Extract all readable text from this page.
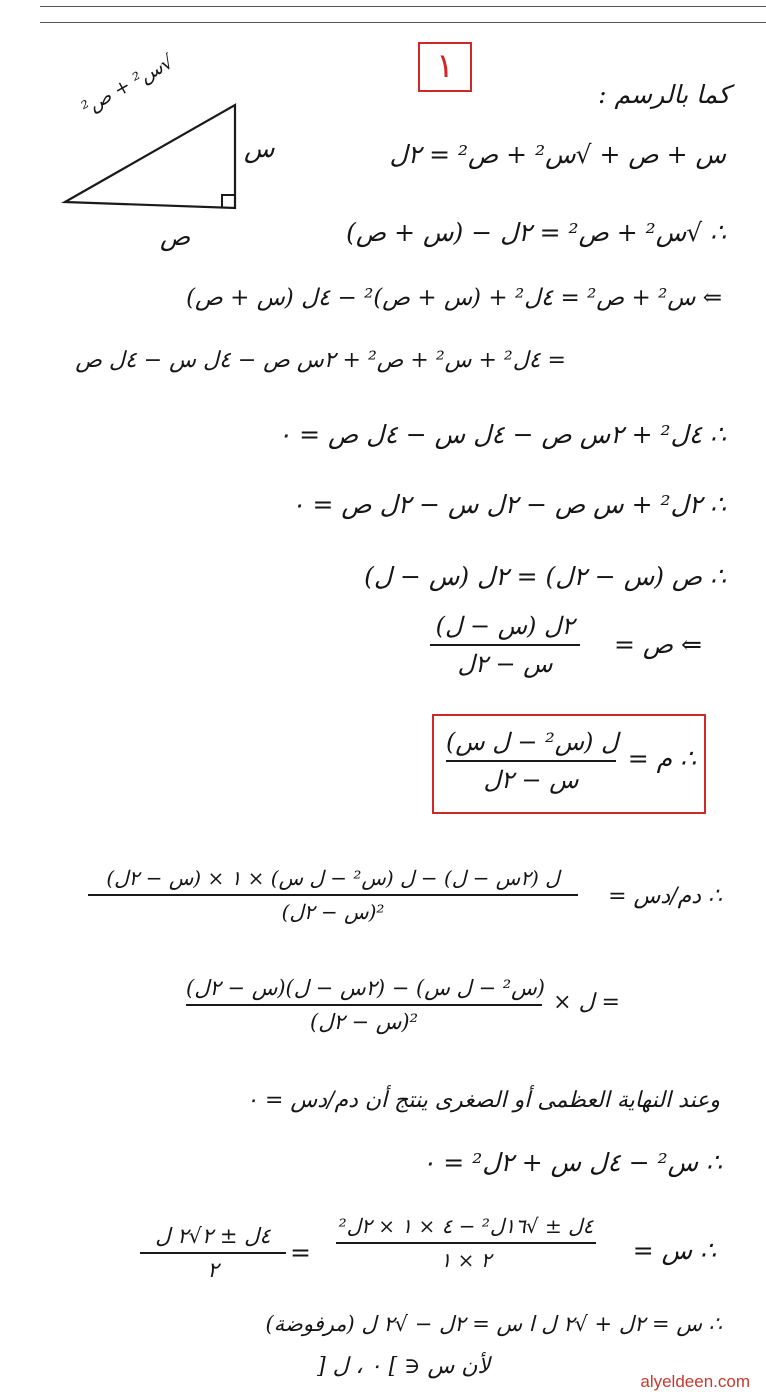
١
√س² + ص²
س
ص
كما بالرسم :
س + ص + √س² + ص² = ٢ل
∴ √س² + ص² = ٢ل − (س + ص)
⇐ س² + ص² = ٤ل² + (س + ص)² − ٤ل (س + ص)
= ٤ل² + س² + ص² + ٢س ص − ٤ل س − ٤ل ص
∴ ٤ل² + ٢س ص − ٤ل س − ٤ل ص = ٠
∴ ٢ل² + س ص − ٢ل س − ٢ل ص = ٠
∴ ص (س − ٢ل) = ٢ل (س − ل)
⇐ ص =
٢ل (س − ل)
س − ٢ل
∴ م =
ل (س² − ل س)
س − ٢ل
∴ دم/دس =
(س − ٢ل) × ل (٢س − ل) − ل (س² − ل س) × ١
(س − ٢ل)²
= ل ×
(س − ٢ل)(٢س − ل) − (س² − ل س)
(س − ٢ل)²
وعند النهاية العظمى أو الصغرى ينتج أن دم/دس = ٠
∴ س² − ٤ل س + ٢ل² = ٠
∴ س =
٤ل ± √١٦ل² − ٤ × ١ × ٢ل²
٢ × ١
=
٤ل ± ٢√٢ ل
٢
∴ س = ٢ل + √٢ ل ا س = ٢ل − √٢ ل (مرفوضة)
لأن س ∈ ] ٠ ، ل [
alyeldeen.com
